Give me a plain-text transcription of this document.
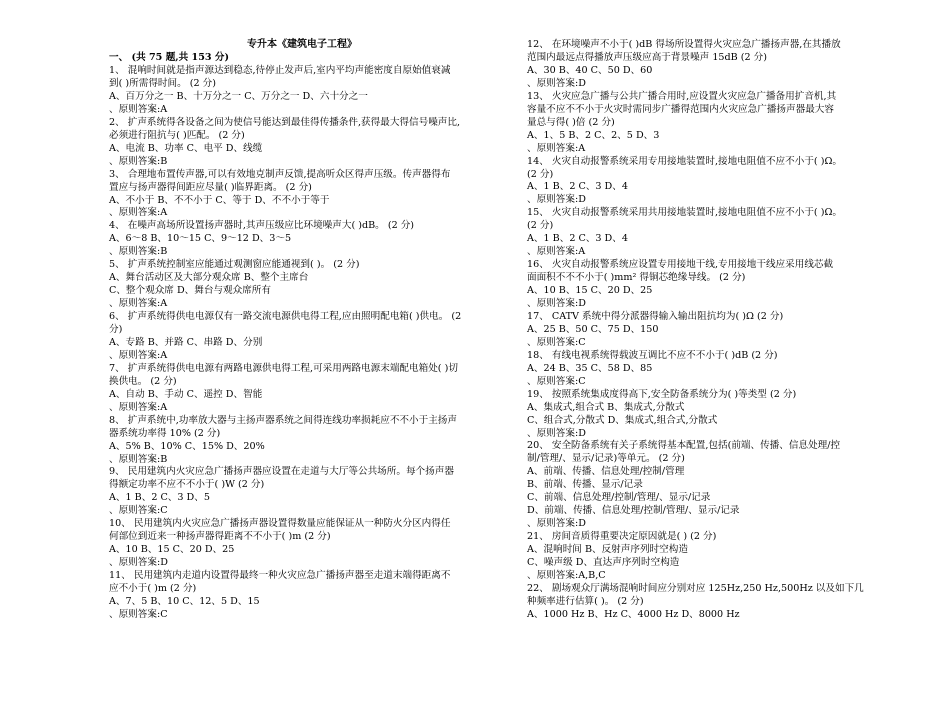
专升本《建筑电子工程》
一、 (共 75 题,共 153 分)
1、 混响时间就是指声源达到稳态,待停止发声后,室内平均声能密度自原始值衰减
到( )所需得时间。 (2 分)
A、百万分之一 B、十万分之一 C、万分之一 D、六十分之一
、原则答案:A
2、 扩声系统得各设备之间为使信号能达到最佳得传播条件,获得最大得信号噪声比,
必须进行阻抗与( )匹配。 (2 分)
A、电流 B、功率 C、电平 D、线缆
、原则答案:B
3、 合理地布置传声器,可以有效地克制声反馈,提高听众区得声压级。传声器得布
置应与扬声器得间距应尽量( )临界距离。 (2 分)
A、不小于 B、不不小于 C、等于 D、不不小于等于
、原则答案:A
4、 在噪声高场所设置扬声器时,其声压级应比环境噪声大( )dB。 (2 分)
A、6～8 B、10～15 C、9～12 D、3～5
、原则答案:B
5、 扩声系统控制室应能通过观测窗应能通视到( )。 (2 分)
A、舞台活动区及大部分观众席 B、整个主席台
C、整个观众席 D、舞台与观众席所有
、原则答案:A
6、 扩声系统得供电电源仅有一路交流电源供电得工程,应由照明配电箱( )供电。 (2
分)
A、专路 B、并路 C、串路 D、分别
、原则答案:A
7、 扩声系统得供电电源有两路电源供电得工程,可采用两路电源末端配电箱处( )切
换供电。 (2 分)
A、自动 B、手动 C、遥控 D、智能
、原则答案:A
8、 扩声系统中,功率放大器与主扬声器系统之间得连线功率损耗应不不小于主扬声
器系统功率得 10% (2 分)
A、5% B、10% C、15% D、20%
、原则答案:B
9、 民用建筑内火灾应急广播扬声器应设置在走道与大厅等公共场所。每个扬声器
得额定功率不应不不小于( )W (2 分)
A、1 B、2 C、3 D、5
、原则答案:C
10、 民用建筑内火灾应急广播扬声器设置得数量应能保证从一种防火分区内得任
何部位到近来一种扬声器得距离不不小于( )m (2 分)
A、10 B、15 C、20 D、25
、原则答案:D
11、 民用建筑内走道内设置得最终一种火灾应急广播扬声器至走道末端得距离不
应不小于( )m (2 分)
A、7、5 B、10 C、12、5 D、15
、原则答案:C
12、 在环境噪声不小于( )dB 得场所设置得火灾应急广播扬声器,在其播放
范围内最远点得播放声压级应高于背景噪声 15dB (2 分)
A、30 B、40 C、50 D、60
、原则答案:D
13、 火灾应急广播与公共广播合用时,应设置火灾应急广播备用扩音机,其
容量不应不不小于火灾时需同步广播得范围内火灾应急广播扬声器最大容
量总与得( )倍 (2 分)
A、1、5 B、2 C、2、5 D、3
、原则答案:A
14、 火灾自动报警系统采用专用接地装置时,接地电阻值不应不小于( )Ω。
(2 分)
A、1 B、2 C、3 D、4
、原则答案:D
15、 火灾自动报警系统采用共用接地装置时,接地电阻值不应不小于( )Ω。
(2 分)
A、1 B、2 C、3 D、4
、原则答案:A
16、 火灾自动报警系统应设置专用接地干线,专用接地干线应采用线芯截
面面积不不不小于( )mm² 得铜芯绝缘导线。 (2 分)
A、10 B、15 C、20 D、25
、原则答案:D
17、 CATV 系统中得分派器得输入输出阻抗均为( )Ω (2 分)
A、25 B、50 C、75 D、150
、原则答案:C
18、 有线电视系统得载波互调比不应不不小于( )dB (2 分)
A、24 B、35 C、58 D、85
、原则答案:C
19、 按照系统集成度得高下,安全防备系统分为( )等类型 (2 分)
A、集成式,组合式 B、集成式,分散式
C、组合式,分散式 D、集成式,组合式,分散式
、原则答案:D
20、 安全防备系统有关子系统得基本配置,包括(前端、传播、信息处理/控
制/管理/、显示/记录)等单元。 (2 分)
A、前端、传播、信息处理/控制/管理
B、前端、传播、显示/记录
C、前端、信息处理/控制/管理/、显示/记录
D、前端、传播、信息处理/控制/管理/、显示/记录
、原则答案:D
21、 房间音质得重要决定原因就是( ) (2 分)
A、混响时间 B、反射声序列时空构造
C、噪声级 D、直达声序列时空构造
、原则答案:A,B,C
22、 剧场观众厅满场混响时间应分别对应 125Hz,250 Hz,500Hz 以及如下几
种频率进行估算( )。 (2 分)
A、1000 Hz B、Hz C、4000 Hz D、8000 Hz
